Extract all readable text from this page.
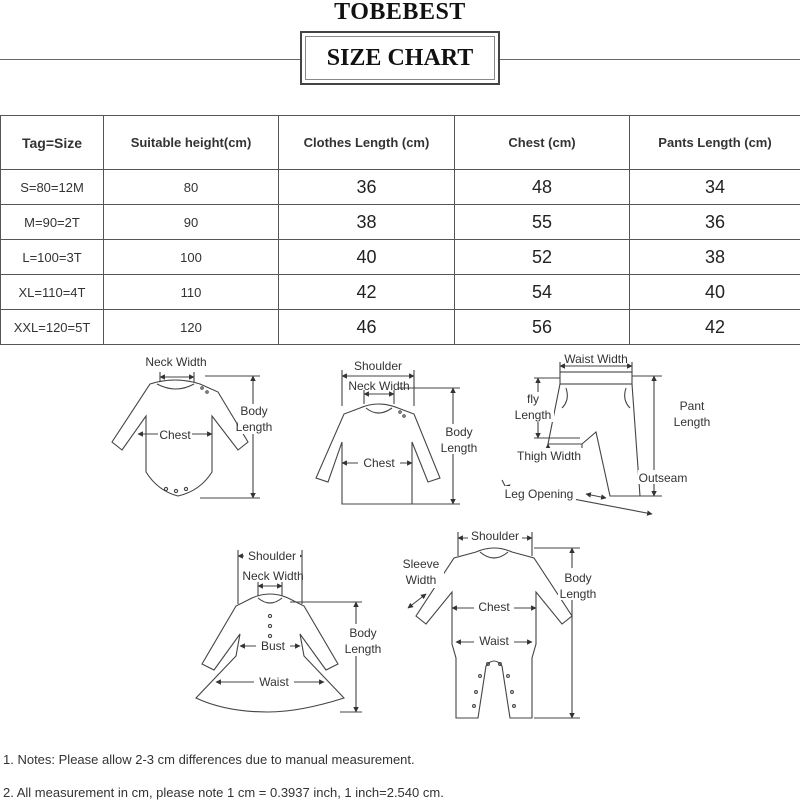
TOBEBEST
SIZE CHART
Tag=Size	Suitable height(cm)	Clothes Length (cm)	Chest (cm)	Pants Length (cm)
S=80=12M	80	36	48	34
M=90=2T	90	38	55	36
L=100=3T	100	40	52	38
XL=110=4T	110	42	54	40
XXL=120=5T	120	46	56	42
Neck Width
Chest
Body
Length
Shoulder
Neck Width
Chest
Body
Length
Waist Width
fly
Length
Thigh Width
Leg Opening
Pant
Length
Outseam
Shoulder
Neck Width
Bust
Waist
Body
Length
Shoulder
Sleeve
Width
Chest
Waist
Body
Length
1. Notes: Please allow 2-3 cm differences due to manual measurement.
2. All measurement in cm, please note 1 cm = 0.3937 inch, 1 inch=2.540 cm.
